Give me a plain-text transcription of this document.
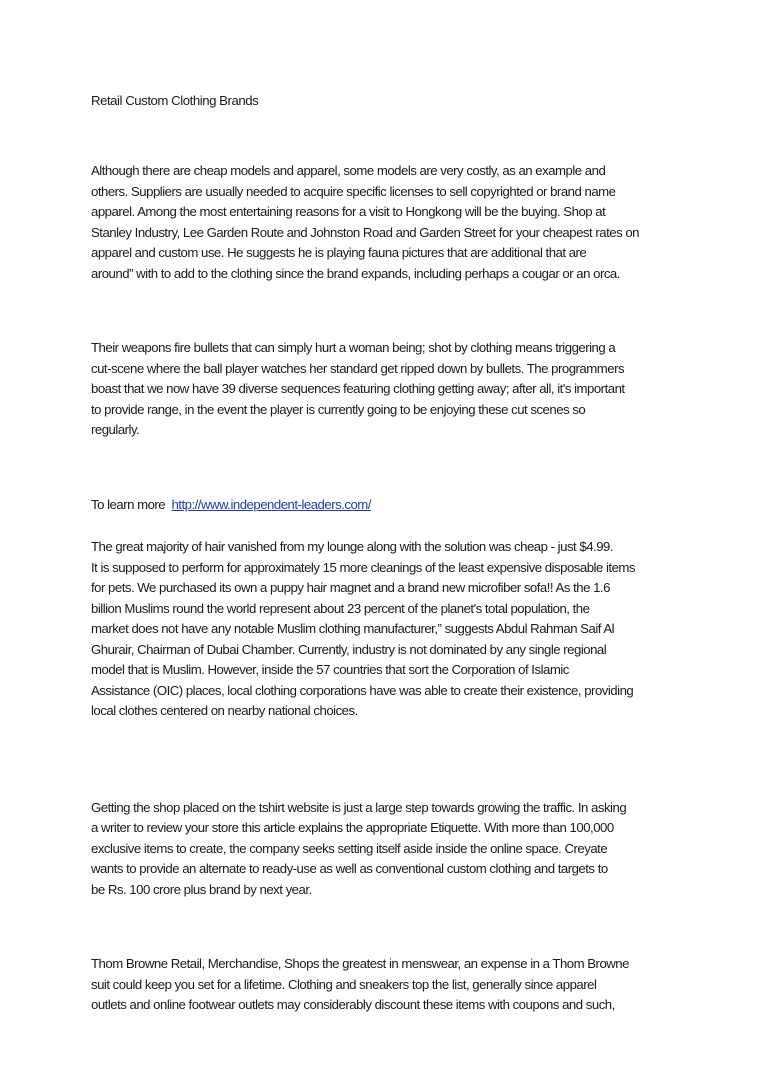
Retail Custom Clothing Brands

Although there are cheap models and apparel, some models are very costly, as an example and
others. Suppliers are usually needed to acquire specific licenses to sell copyrighted or brand name
apparel. Among the most entertaining reasons for a visit to Hongkong will be the buying. Shop at
Stanley Industry, Lee Garden Route and Johnston Road and Garden Street for your cheapest rates on
apparel and custom use. He suggests he is playing fauna pictures that are additional that are
around” with to add to the clothing since the brand expands, including perhaps a cougar or an orca.

Their weapons fire bullets that can simply hurt a woman being; shot by clothing means triggering a
cut-scene where the ball player watches her standard get ripped down by bullets. The programmers
boast that we now have 39 diverse sequences featuring clothing getting away; after all, it's important
to provide range, in the event the player is currently going to be enjoying these cut scenes so
regularly.

To learn more http://www.independent-leaders.com/

The great majority of hair vanished from my lounge along with the solution was cheap - just $4.99.
It is supposed to perform for approximately 15 more cleanings of the least expensive disposable items
for pets. We purchased its own a puppy hair magnet and a brand new microfiber sofa!! As the 1.6
billion Muslims round the world represent about 23 percent of the planet's total population, the
market does not have any notable Muslim clothing manufacturer,” suggests Abdul Rahman Saif Al
Ghurair, Chairman of Dubai Chamber. Currently, industry is not dominated by any single regional
model that is Muslim. However, inside the 57 countries that sort the Corporation of Islamic
Assistance (OIC) places, local clothing corporations have was able to create their existence, providing
local clothes centered on nearby national choices.

Getting the shop placed on the tshirt website is just a large step towards growing the traffic. In asking
a writer to review your store this article explains the appropriate Etiquette. With more than 100,000
exclusive items to create, the company seeks setting itself aside inside the online space. Creyate
wants to provide an alternate to ready-use as well as conventional custom clothing and targets to
be Rs. 100 crore plus brand by next year.

Thom Browne Retail, Merchandise, Shops the greatest in menswear, an expense in a Thom Browne
suit could keep you set for a lifetime. Clothing and sneakers top the list, generally since apparel
outlets and online footwear outlets may considerably discount these items with coupons and such,
